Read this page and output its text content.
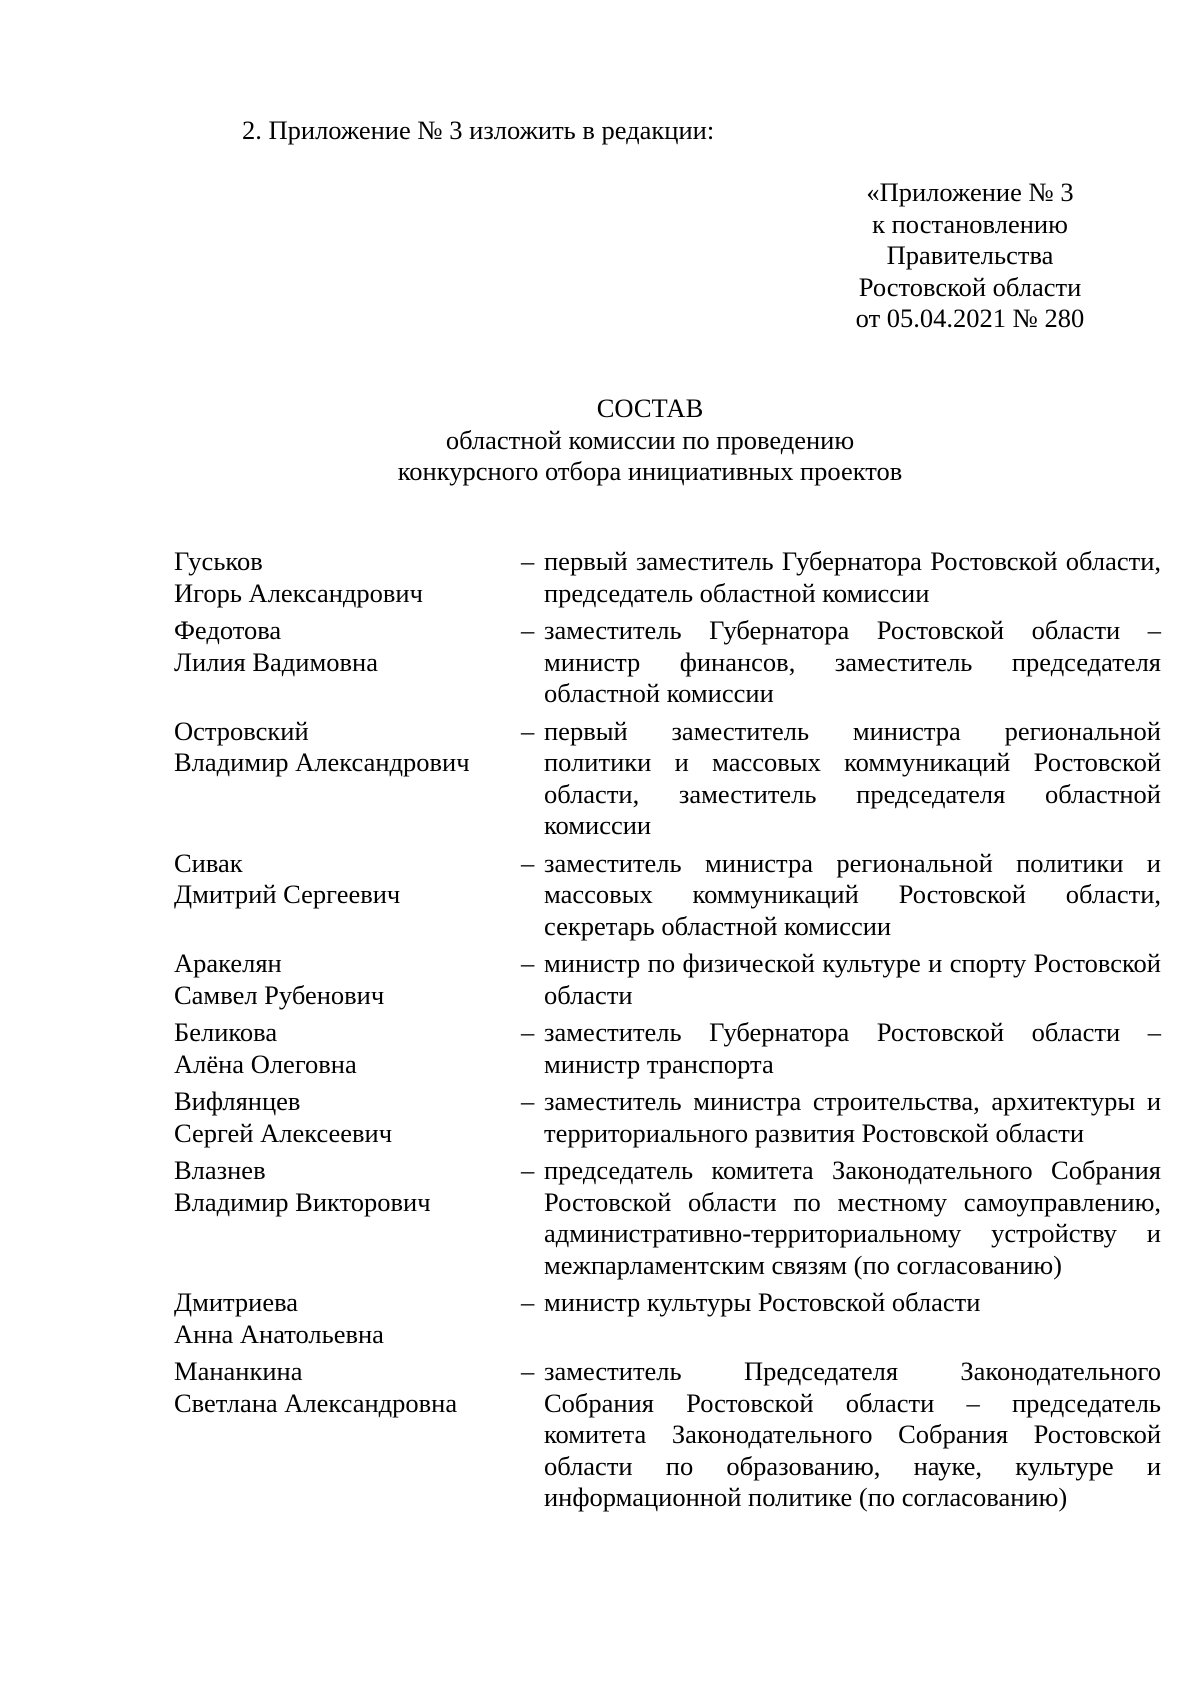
2. Приложение № 3 изложить в редакции:
«Приложение № 3
к постановлению
Правительства
Ростовской области
от 05.04.2021 № 280
СОСТАВ
областной комиссии по проведению
конкурсного отбора инициативных проектов
Гуськов
Игорь Александрович
– первый заместитель Губернатора Ростовской области, председатель областной комиссии
Федотова
Лилия Вадимовна
– заместитель Губернатора Ростовской области – министр финансов, заместитель председателя областной комиссии
Островский
Владимир Александрович
– первый заместитель министра региональной политики и массовых коммуникаций Ростовской области, заместитель председателя областной комиссии
Сивак
Дмитрий Сергеевич
– заместитель министра региональной политики и массовых коммуникаций Ростовской области, секретарь областной комиссии
Аракелян
Самвел Рубенович
– министр по физической культуре и спорту Ростовской области
Беликова
Алёна Олеговна
– заместитель Губернатора Ростовской области – министр транспорта
Вифлянцев
Сергей Алексеевич
– заместитель министра строительства, архитектуры и территориального развития Ростовской области
Влазнев
Владимир Викторович
– председатель комитета Законодательного Собрания Ростовской области по местному самоуправлению, административно-территориальному устройству и межпарламентским связям (по согласованию)
Дмитриева
Анна Анатольевна
– министр культуры Ростовской области
Мананкина
Светлана Александровна
– заместитель Председателя Законодательного Собрания Ростовской области – председатель комитета Законодательного Собрания Ростовской области по образованию, науке, культуре и информационной политике (по согласованию)
